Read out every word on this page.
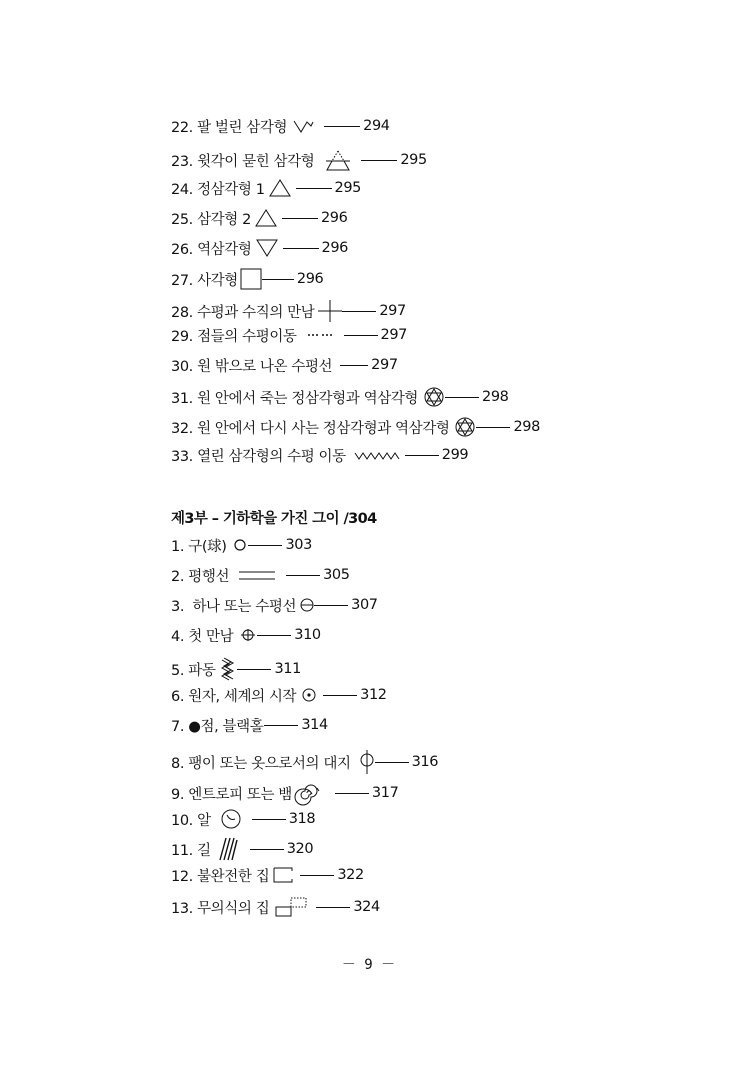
22. 팔 벌린 삼각형	294
23. 윗각이 묻힌 삼각형	295
24. 정삼각형 1	295
25. 삼각형 2	296
26. 역삼각형	296
27. 사각형	296
28. 수평과 수직의 만남	297
29. 점들의 수평이동	297
30. 원 밖으로 나온 수평선	297
31. 원 안에서 죽는 정삼각형과 역삼각형	298
32. 원 안에서 다시 사는 정삼각형과 역삼각형	298
33. 열린 삼각형의 수평 이동	299
제3부 – 기하학을 가진 그이 /304
1. 구(球)	303
2. 평행선	305
3.  하나 또는 수평선	307
4. 첫 만남	310
5. 파동	311
6. 원자, 세계의 시작	312
7. ●점, 블랙홀	314
8. 팽이 또는 옷으로서의 대지	316
9. 엔트로피 또는 뱀	317
10. 알	318
11. 길	320
12. 불완전한 집	322
13. 무의식의 집	324
－ 9 －
